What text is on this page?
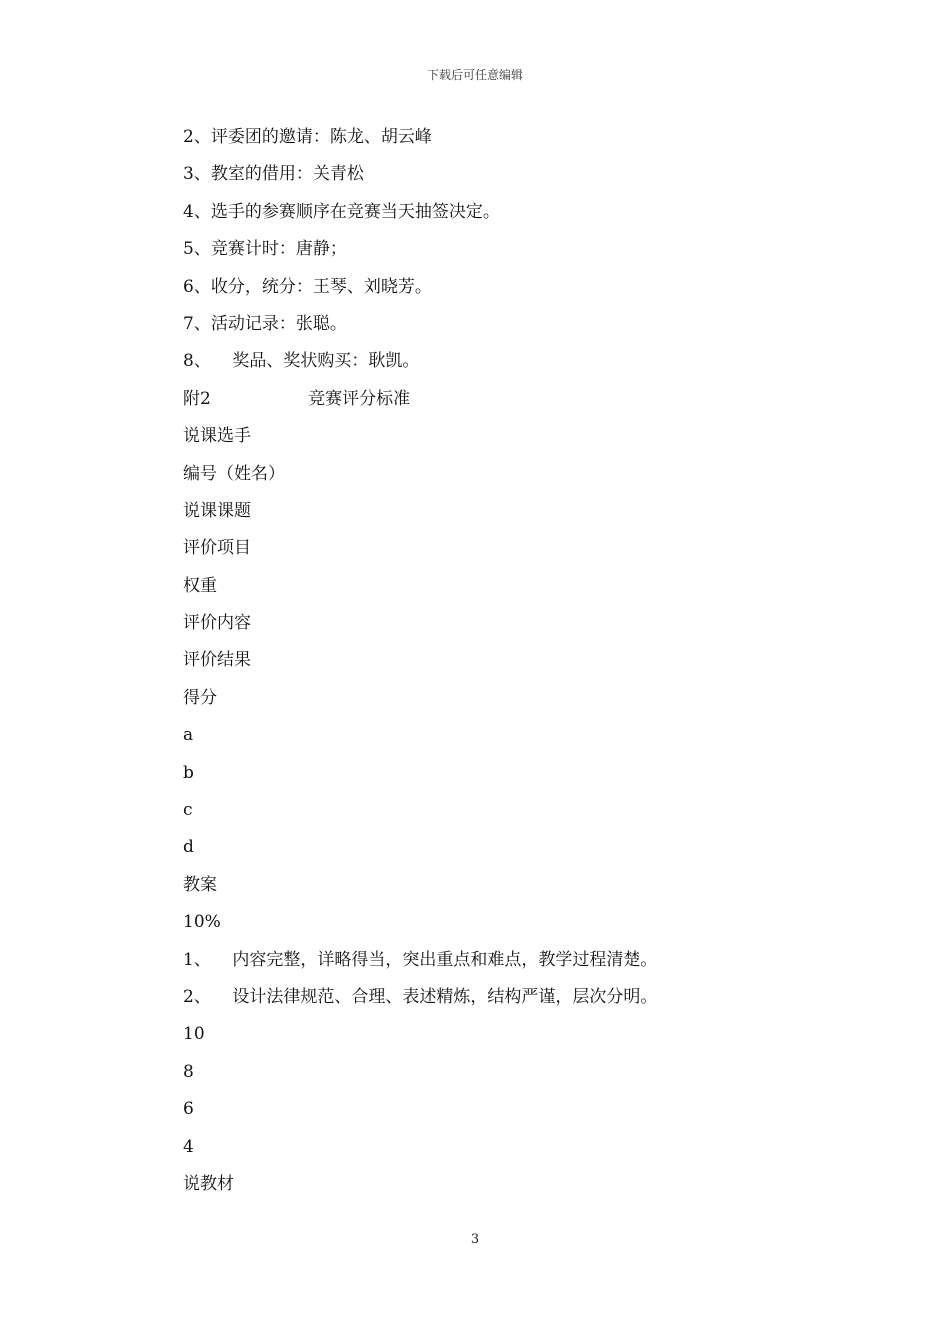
下载后可任意编辑
2、评委团的邀请：陈龙、胡云峰
3、教室的借用：关青松
4、选手的参赛顺序在竞赛当天抽签决定。
5、竞赛计时：唐静；
6、收分，统分：王琴、刘晓芳。
7、活动记录：张聪。
8、    奖品、奖状购买：耿凯。
附2                  竞赛评分标准
说课选手
编号（姓名）
说课课题
评价项目
权重
评价内容
评价结果
得分
a
b
c
d
教案
10%
1、    内容完整，详略得当，突出重点和难点，教学过程清楚。
2、    设计法律规范、合理、表述精炼，结构严谨，层次分明。
10
8
6
4
说教材
3
